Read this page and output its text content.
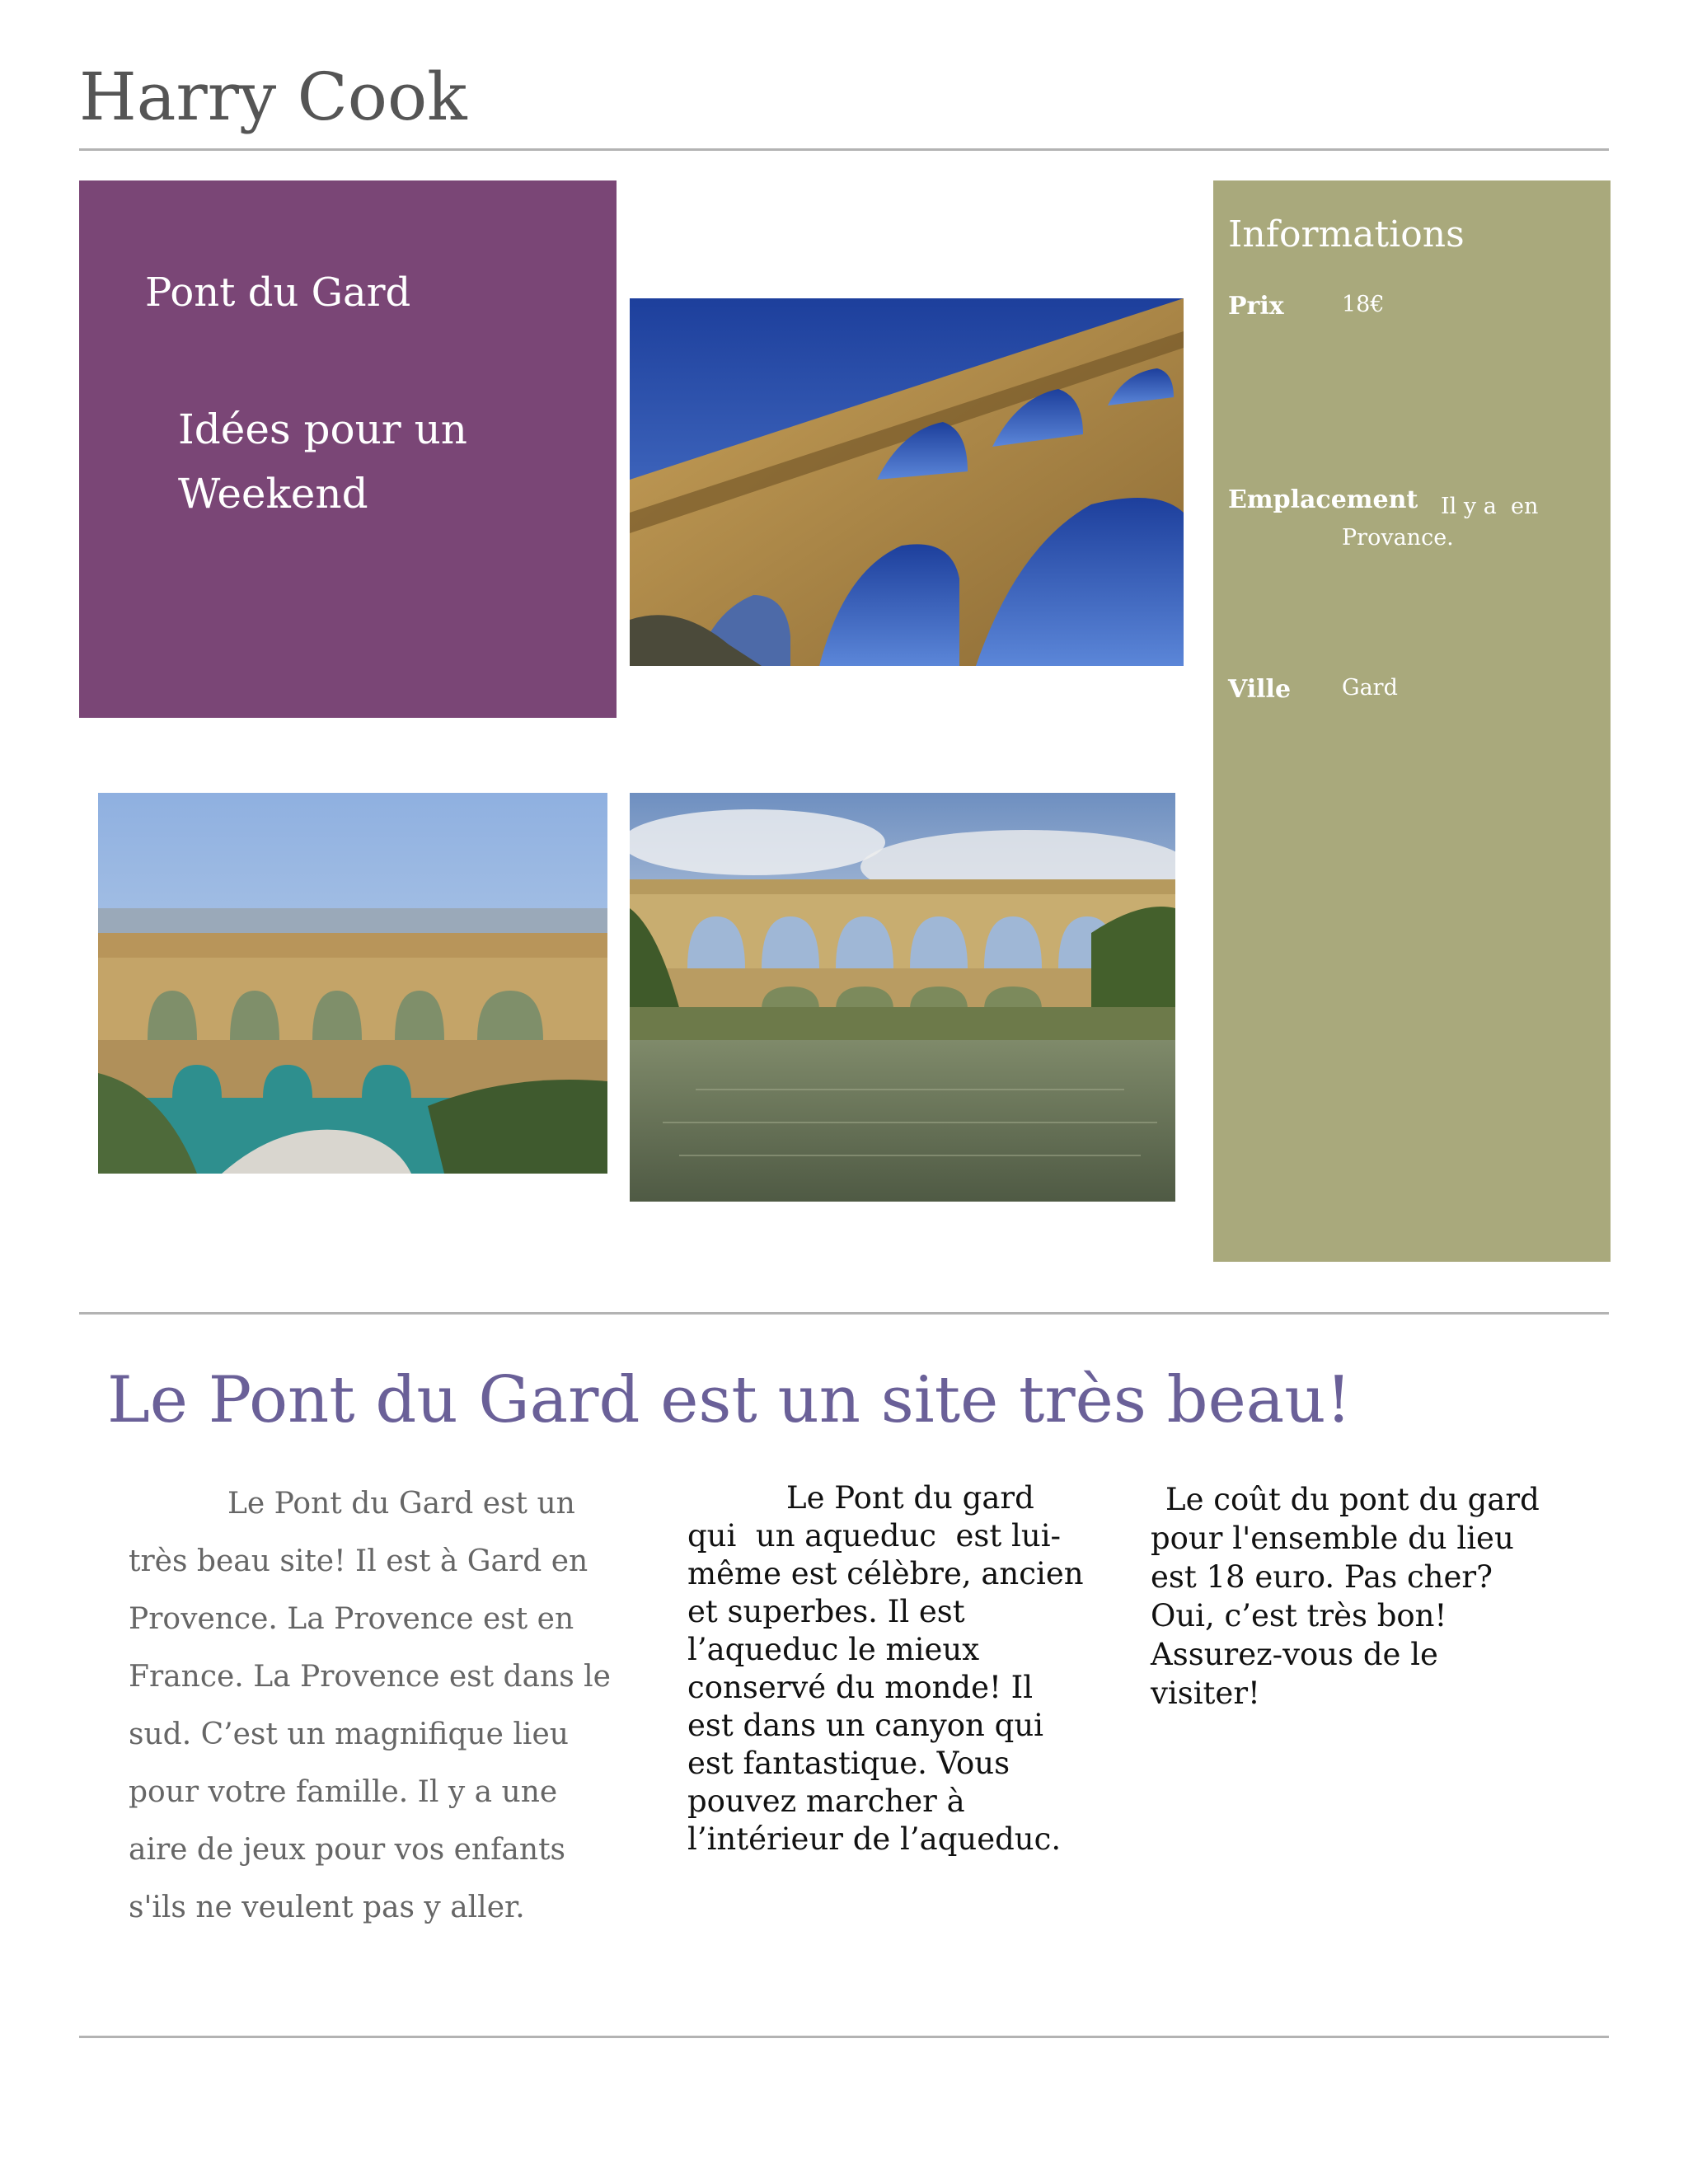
Harry Cook
Pont du Gard
Idées pour un
Weekend
Informations
Prix	18€
Emplacement Il y a  en
Provance.
Ville Gard
Le Pont du Gard est un site très beau!
Le Pont du Gard est un
très beau site! Il est à Gard en
Provence. La Provence est en
France. La Provence est dans le
sud. C’est un magnifique lieu
pour votre famille. Il y a une
aire de jeux pour vos enfants
s'ils ne veulent pas y aller.
Le Pont du gard
qui  un aqueduc  est lui-
même est célèbre, ancien
et superbes. Il est
l’aqueduc le mieux
conservé du monde! Il
est dans un canyon qui
est fantastique. Vous
pouvez marcher à
l’intérieur de l’aqueduc.
Le coût du pont du gard
pour l'ensemble du lieu
est 18 euro. Pas cher?
Oui, c’est très bon!
Assurez-vous de le
visiter!
